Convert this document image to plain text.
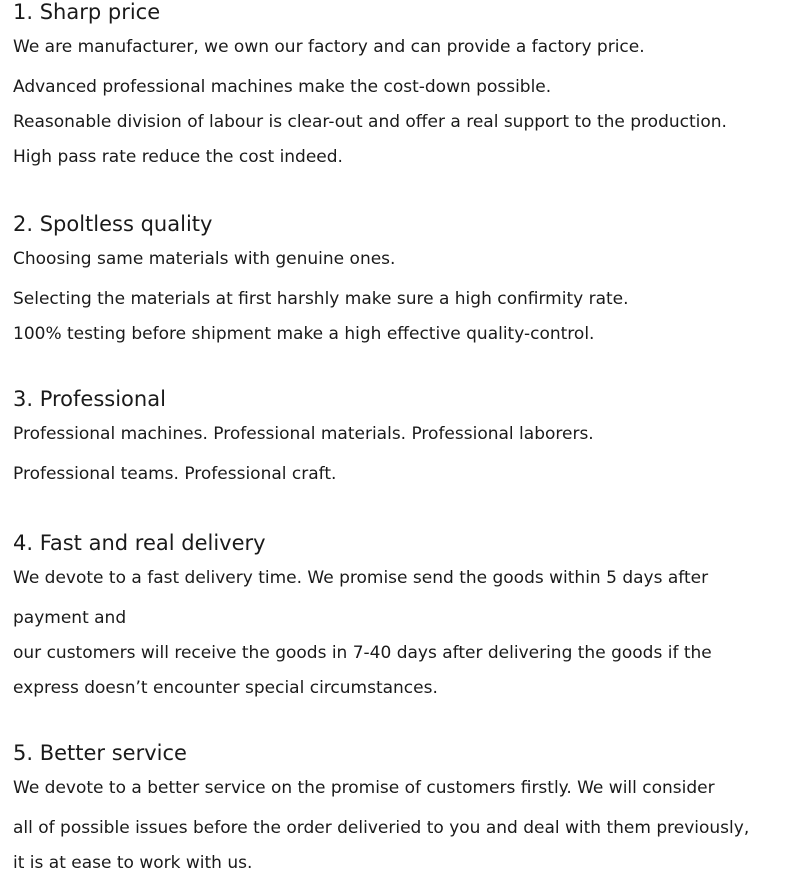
1. Sharp price
We are manufacturer, we own our factory and can provide a factory price.
Advanced professional machines make the cost-down possible.
Reasonable division of labour is clear-out and offer a real support to the production.
High pass rate reduce the cost indeed.
2. Spoltless quality
Choosing same materials with genuine ones.
Selecting the materials at first harshly make sure a high confirmity rate.
100% testing before shipment make a high effective quality-control.
3. Professional
Professional machines. Professional materials. Professional laborers.
Professional teams. Professional craft.
4. Fast and real delivery
We devote to a fast delivery time. We promise send the goods within 5 days after
payment and
our customers will receive the goods in 7-40 days after delivering the goods if the
express doesn’t encounter special circumstances.
5. Better service
We devote to a better service on the promise of customers firstly. We will consider
all of possible issues before the order deliveried to you and deal with them previously,
it is at ease to work with us.
